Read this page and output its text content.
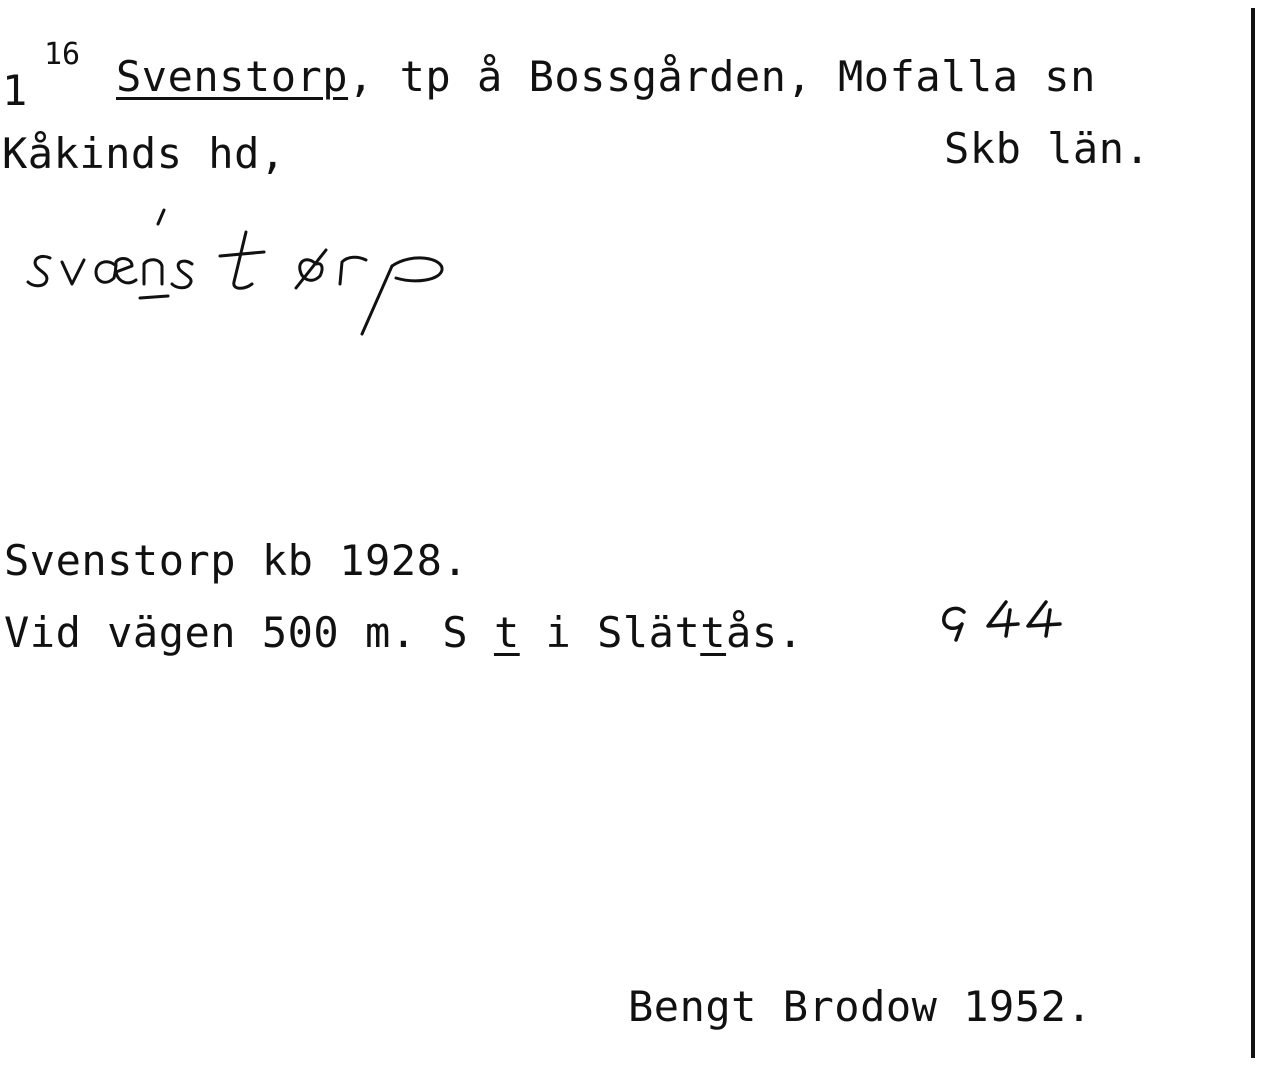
1
16 Svenstorp, tp å Bossgården, Mofalla sn
Kåkinds hd,	Skb län.
Svenstorp kb 1928.
Vid vägen 500 m. S t i Slättås.
Bengt Brodow 1952.
